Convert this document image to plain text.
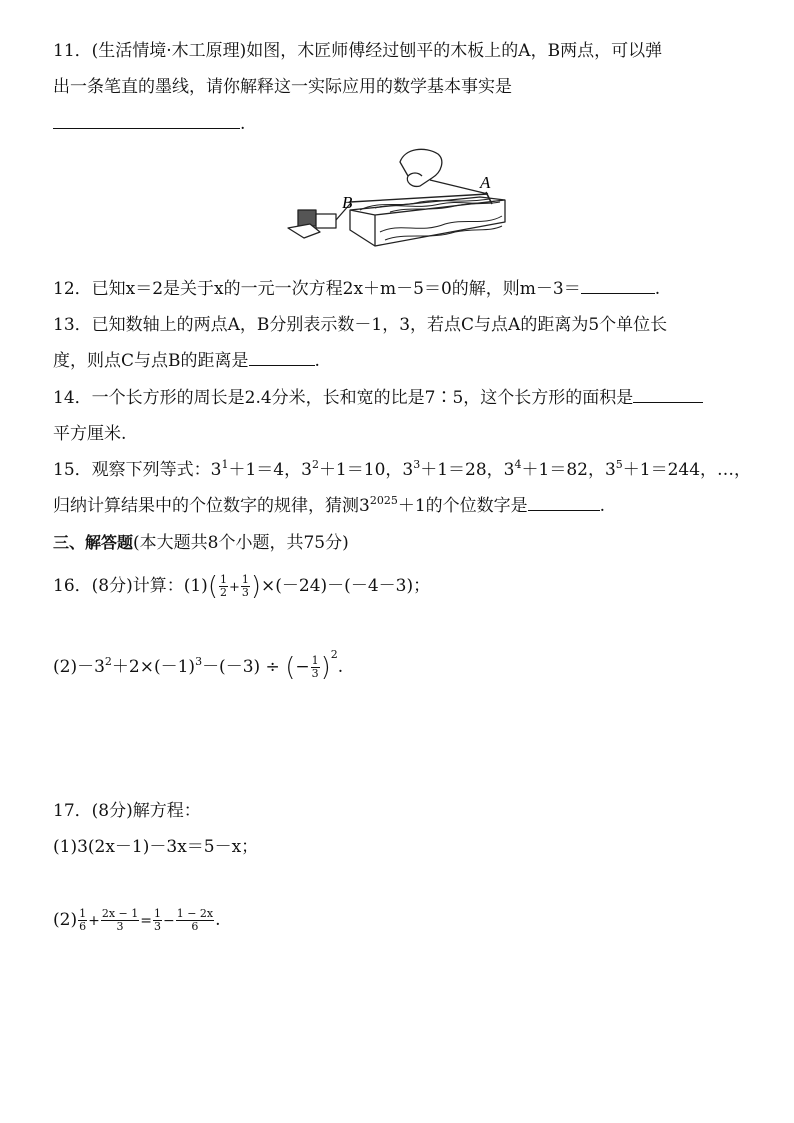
11．(生活情境·木工原理)如图，木匠师傅经过刨平的木板上的A，B两点，可以弹
出一条笔直的墨线，请你解释这一实际应用的数学基本事实是
.
A
B
12．已知x＝2是关于x的一元一次方程2x＋m－5＝0的解，则m－3＝	.
13．已知数轴上的两点A，B分别表示数－1，3，若点C与点A的距离为5个单位长
度，则点C与点B的距离是	.
14．一个长方形的周长是2.4分米，长和宽的比是7∶5，这个长方形的面积是
平方厘米.
15．观察下列等式：$3^1+1=4$，$3^2+1=10$，$3^3+1=28$，$3^4+1=82$，$3^5+1=244$，…，
归纳计算结果中的个位数字的规律，猜测$3^{2025}+1$的个位数字是	.
三、解答题(本大题共8个小题，共75分)
16．(8分)计算：$(1)( \frac{1}{2} + \frac{1}{3} )\times(-24)-(-4-3)$；
$(2)-3^2+2\times(-1)^3-(-3)$ ÷ (− $\frac{1}{3} )^2$.
17．(8分)解方程：
(1)3(2x－1)－3x＝5－x；
$(2) \frac{1}{6} + \frac{2x - 1}{3} = \frac{1}{3} - \frac{1 - 2x}{6}$ .
